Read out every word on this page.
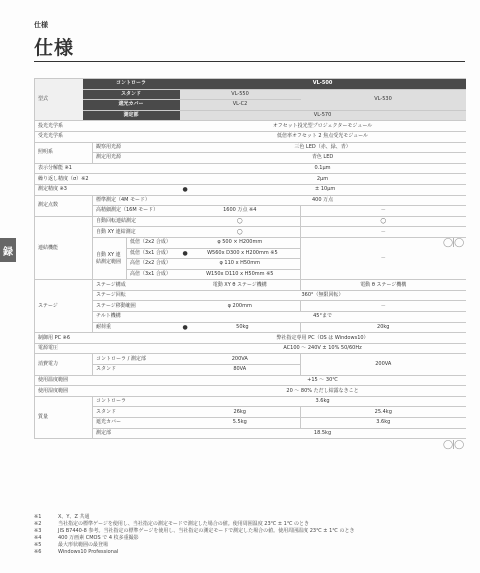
仕様
仕様
録
◯|◯
◯|◯
型式	コントローラ			VL-500	
	スタンド			VL-550	VL-530
	遮光カバー			VL-C2	
	測定部			VL-570	
投光光学系				オフセット投光型プロジェクターモジュール	
受光光学系				低倍率オフセット 2 焦点受光モジュール	
照明系		観察用光源		三色 LED（赤、緑、青）	
		測定用光源		青色 LED	
表示分解能 ※1				0.1μm	
繰り返し精度（σ）※2				2μm	
測定精度 ※3				● ± 10μm	
測定点数		標準測定（4M モード）		400 万点	
		高精細測定（16M モード）		1600 万点 ※4	－
連結機能		自動回転連結測定		◯	◯
		自動 XY 連結測定		◯	－
		自動 XY 連結測定範囲	低倍（2x2 合成）	φ 500 × H200mm	－
			低倍（3x1 合成）	● W560x D300 x H200mm ※5	
			高倍（2x2 合成）	φ 110 x H50mm	
			高倍（3x1 合成）	W150x D110 x H50mm ※5	
ステージ		ステージ構成		電動 XY θ ステージ機構	電動 θ ステージ機構
		ステージ回転		360°（無限回転）	
		ステージ移動範囲		φ 200mm	－
		チルト機構		45°まで	
		耐荷重		● 50kg	20kg
制御用 PC ※6				弊社指定専用 PC（OS は Windows10）	
電源電圧				AC100 ～ 240V ± 10% 50/60Hz	
消費電力		コントローラ / 測定部		200VA	200VA
		スタンド		80VA	
使用温度範囲				+15 ～ 30℃	
使用湿度範囲				20 ～ 80% ただし結露なきこと	
質量		コントローラ		3.6kg	
		スタンド		26kg	25.4kg
		遮光カバー		5.5kg	3.6kg
		測定部		18.5kg	
※1	X、Y、Z 共通
※2	当社指定の標準ゲージを使用し、当社指定の測定モードで測定した場合の値。使用周囲温度 23℃ ± 1℃ のとき
※3	JIS B7440-8 参考。当社指定の標準ゲージを使用し、当社指定の測定モードで測定した場合の値。使用周囲温度 23℃ ± 1℃ のとき
※4	400 万画素 CMOS で 4 枚多重撮影
※5	最大形状範囲の最登場
※6	Windows10 Professional
